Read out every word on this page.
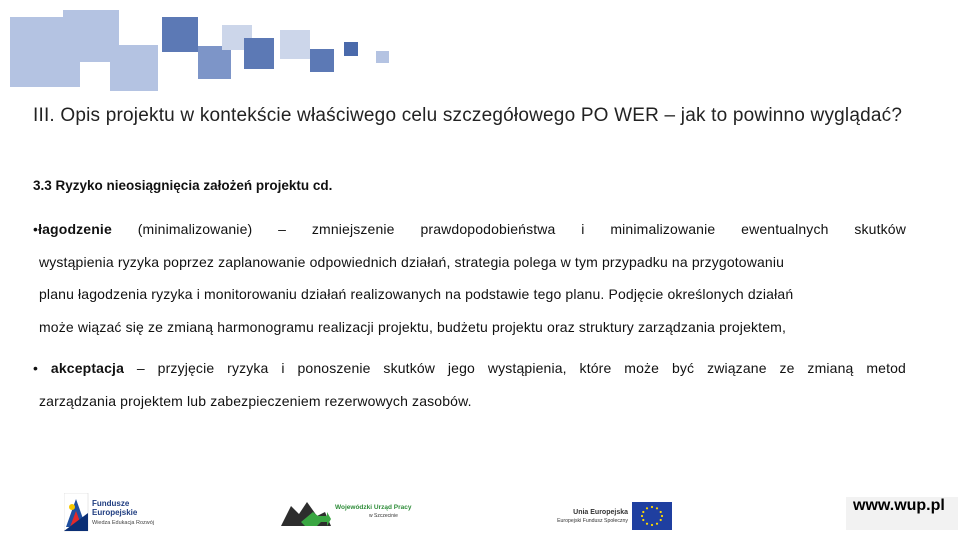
III. Opis projektu w kontekście właściwego celu szczegółowego PO WER – jak to powinno wyglądać?
3.3 Ryzyko nieosiągnięcia założeń projektu cd.
•łagodzenie (minimalizowanie) – zmniejszenie prawdopodobieństwa i minimalizowanie ewentualnych skutków
wystąpienia ryzyka poprzez zaplanowanie odpowiednich działań, strategia polega w tym przypadku na przygotowaniu
planu łagodzenia ryzyka i monitorowaniu działań realizowanych na podstawie tego planu. Podjęcie określonych działań
może wiązać się ze zmianą harmonogramu realizacji projektu, budżetu projektu oraz struktury zarządzania projektem,
• akceptacja – przyjęcie ryzyka i ponoszenie skutków jego wystąpienia, które może być związane ze zmianą metod
zarządzania projektem lub zabezpieczeniem rezerwowych zasobów.
Fundusze
Europejskie
Wiedza Edukacja Rozwój
Wojewódzki Urząd Pracy
w Szczecinie	Unia Europejska
Europejski Fundusz Społeczny
www.wup.pl
